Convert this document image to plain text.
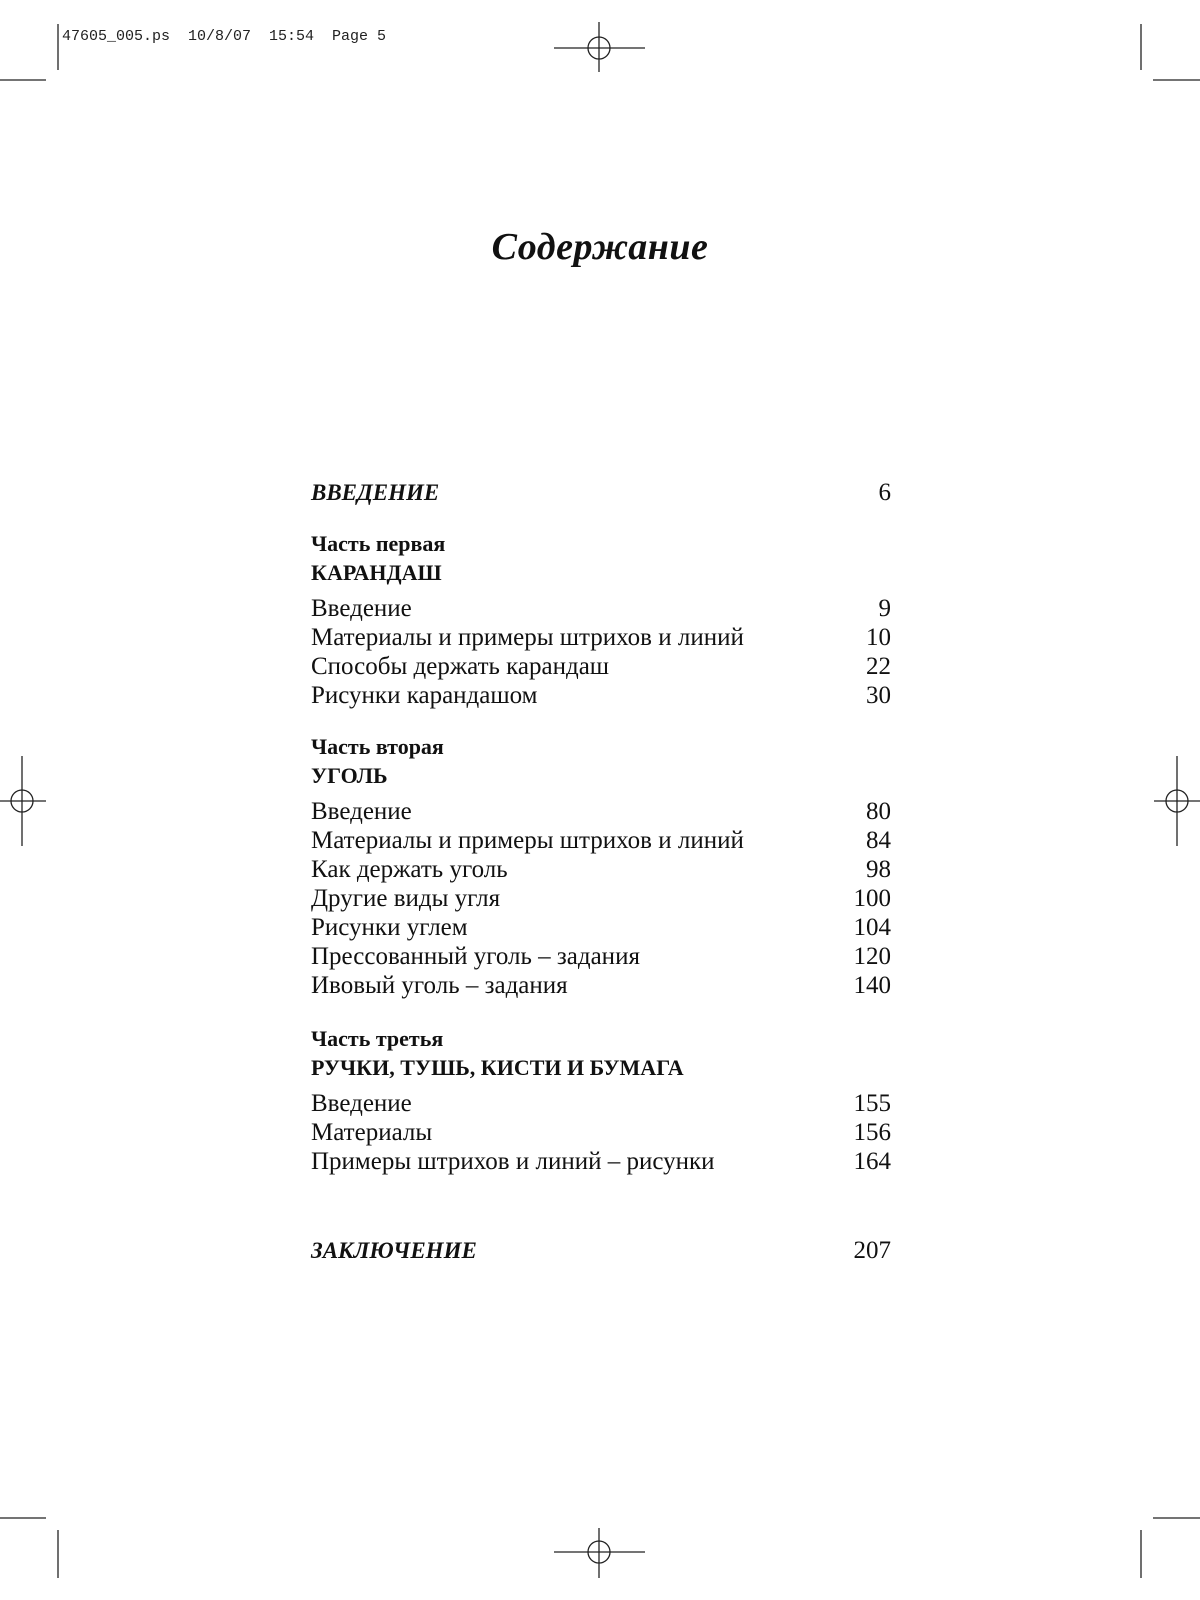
47605_005.ps  10/8/07  15:54  Page 5
Содержание
ВВЕДЕНИЕ	6
Часть первая
КАРАНДАШ
Введение	9
Материалы и примеры штрихов и линий	10
Способы держать карандаш	22
Рисунки карандашом	30
Часть вторая
УГОЛЬ
Введение	80
Материалы и примеры штрихов и линий	84
Как держать уголь	98
Другие виды угля	100
Рисунки углем	104
Прессованный уголь – задания	120
Ивовый уголь – задания	140
Часть третья
РУЧКИ, ТУШЬ, КИСТИ И БУМАГА
Введение	155
Материалы	156
Примеры штрихов и линий – рисунки	164
ЗАКЛЮЧЕНИЕ	207
